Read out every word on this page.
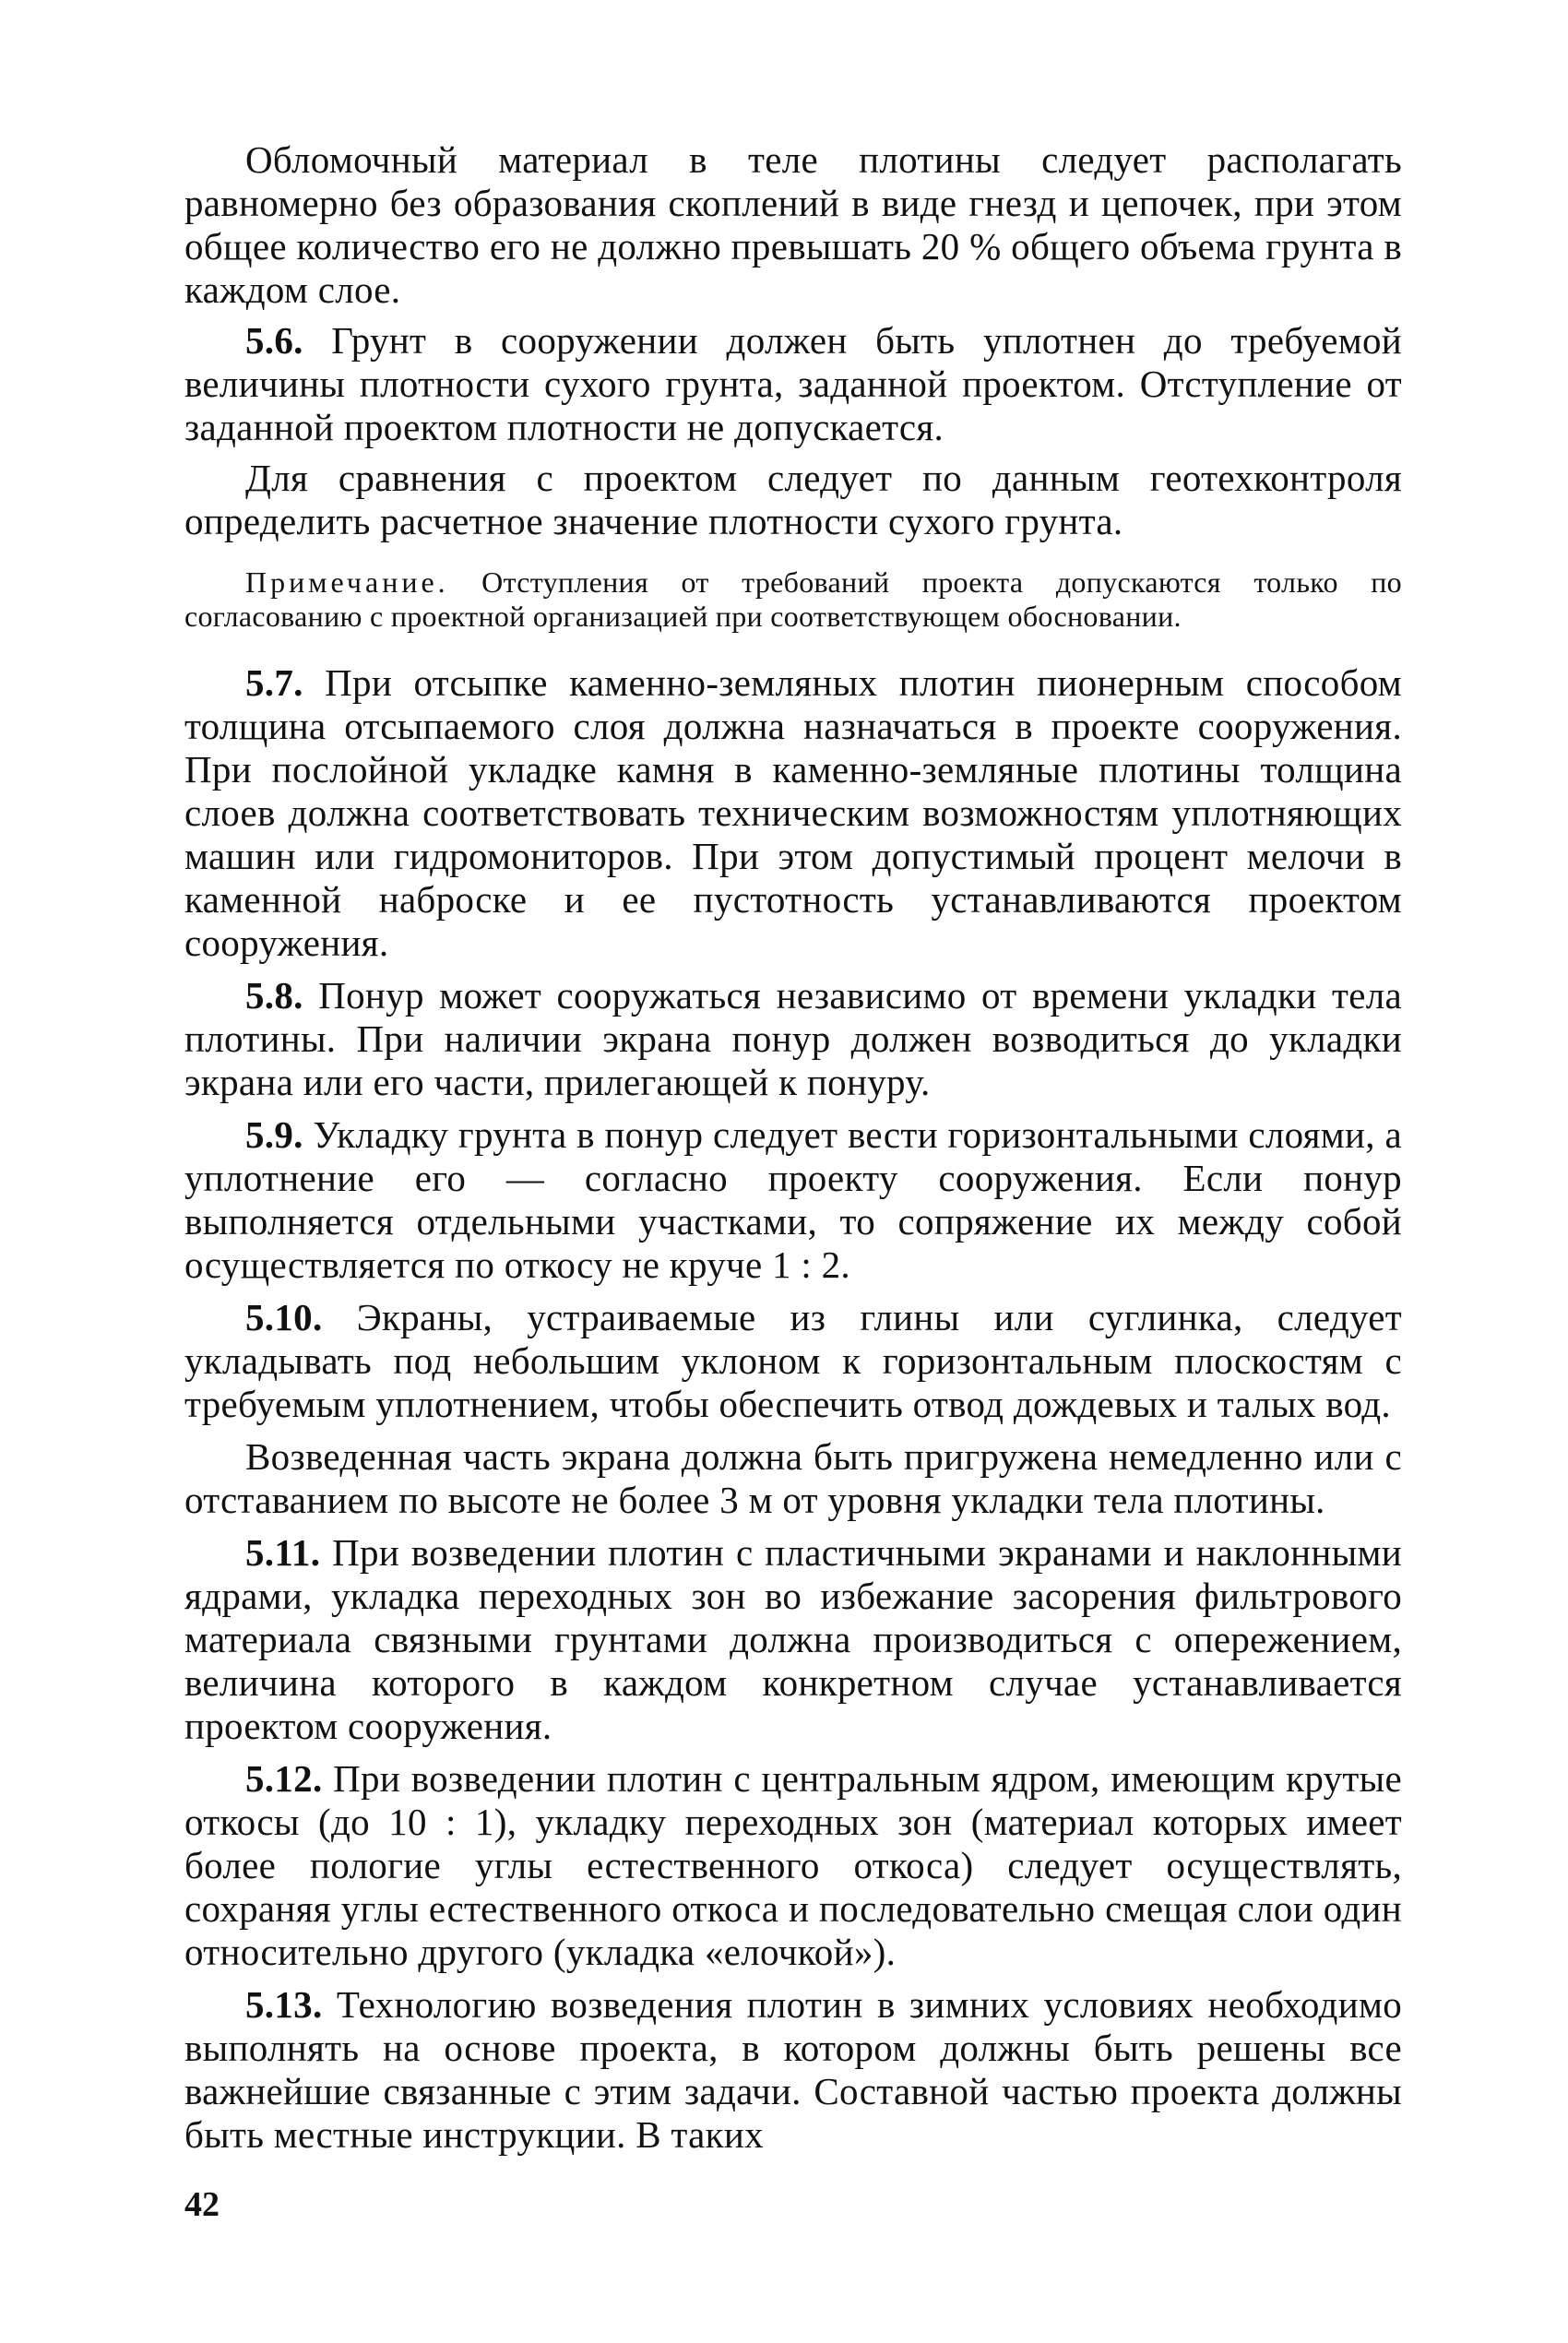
Обломочный материал в теле плотины следует располагать равномерно без образования скоплений в виде гнезд и цепочек, при этом общее количество его не должно превышать 20 % общего объема грунта в каждом слое.

5.6. Грунт в сооружении должен быть уплотнен до требуемой величины плотности сухого грунта, заданной проектом. Отступление от заданной проектом плотности не допускается.

Для сравнения с проектом следует по данным геотехконтроля определить расчетное значение плотности сухого грунта.

Примечание. Отступления от требований проекта допускаются только по согласованию с проектной организацией при соответствующем обосновании.

5.7. При отсыпке каменно-земляных плотин пионерным способом толщина отсыпаемого слоя должна назначаться в проекте сооружения. При послойной укладке камня в каменно-земляные плотины толщина слоев должна соответствовать техническим возможностям уплотняющих машин или гидромониторов. При этом допустимый процент мелочи в каменной наброске и ее пустотность устанавливаются проектом сооружения.

5.8. Понур может сооружаться независимо от времени укладки тела плотины. При наличии экрана понур должен возводиться до укладки экрана или его части, прилегающей к понуру.

5.9. Укладку грунта в понур следует вести горизонтальными слоями, а уплотнение его — согласно проекту сооружения. Если понур выполняется отдельными участками, то сопряжение их между собой осуществляется по откосу не круче 1 : 2.

5.10. Экраны, устраиваемые из глины или суглинка, следует укладывать под небольшим уклоном к горизонтальным плоскостям с требуемым уплотнением, чтобы обеспечить отвод дождевых и талых вод.

Возведенная часть экрана должна быть пригружена немедленно или с отставанием по высоте не более 3 м от уровня укладки тела плотины.

5.11. При возведении плотин с пластичными экранами и наклонными ядрами, укладка переходных зон во избежание засорения фильтрового материала связными грунтами должна производиться с опережением, величина которого в каждом конкретном случае устанавливается проектом сооружения.

5.12. При возведении плотин с центральным ядром, имеющим крутые откосы (до 10 : 1), укладку переходных зон (материал которых имеет более пологие углы естественного откоса) следует осуществлять, сохраняя углы естественного откоса и последовательно смещая слои один относительно другого (укладка «елочкой»).

5.13. Технологию возведения плотин в зимних условиях необходимо выполнять на основе проекта, в котором должны быть решены все важнейшие связанные с этим задачи. Составной частью проекта должны быть местные инструкции. В таких

42
